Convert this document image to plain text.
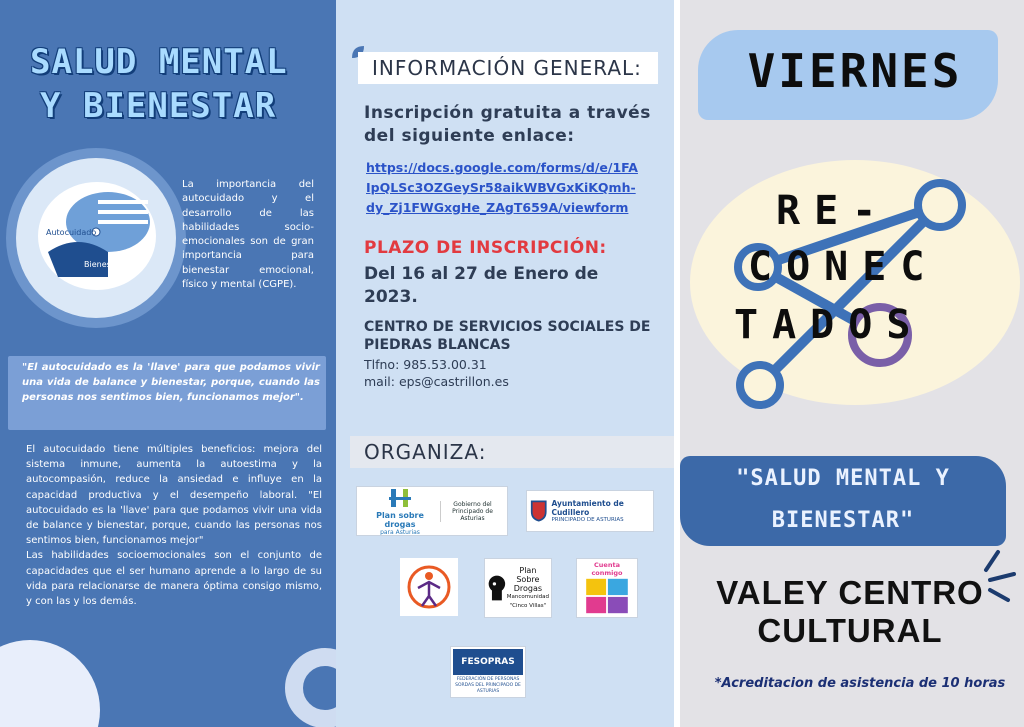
SALUD MENTAL
Y BIENESTAR
Autocuidado
Bienestar
La importancia del autocuidado y el desarrollo de las habilidades socio-emocionales son de gran importancia para bienestar emocional, físico y mental (CGPE).
"El autocuidado es la 'llave' para que podamos vivir una vida de balance y bienestar, porque, cuando las personas nos sentimos bien, funcionamos mejor".

El autocuidado tiene múltiples beneficios: mejora del sistema inmune, aumenta la autoestima y la autocompasión, reduce la ansiedad e influye en la capacidad productiva y el desempeño laboral. "El autocuidado es la 'llave' para que podamos vivir una vida de balance y bienestar, porque, cuando las personas nos sentimos bien, funcionamos mejor"

Las habilidades socioemocionales son el conjunto de capacidades que el ser humano aprende a lo largo de su vida para relacionarse de manera óptima consigo mismo, y con las y los demás.

INFORMACIÓN GENERAL:
Inscripción gratuita a través del siguiente enlace:
https://docs.google.com/forms/d/e/1FA
IpQLSc3OZGeySr58aikWBVGxKiKQmh-
dy_Zj1FWGxgHe_ZAgT659A/viewform
PLAZO DE INSCRIPCIÓN:
Del 16 al 27 de Enero de 2023.
CENTRO DE SERVICIOS SOCIALES DE PIEDRAS BLANCAS
Tlfno: 985.53.00.31
mail: eps@castrillon.es
ORGANIZA:
Plan sobre drogas
para Asturias
Gobierno del Principado de Asturias
Ayuntamiento de Cudillero
PRINCIPADO DE ASTURIAS
Plan
Sobre
Drogas
Mancomunidad
"Cinco Villas"
Cuenta conmigo
FESOPRAS
FEDERACIÓN DE PERSONAS SORDAS DEL PRINCIPADO DE ASTURIAS
VIERNES
RE-
CONEC
TADOS
"SALUD MENTAL Y
BIENESTAR"
VALEY CENTRO
CULTURAL
*Acreditacion de asistencia de 10 horas
